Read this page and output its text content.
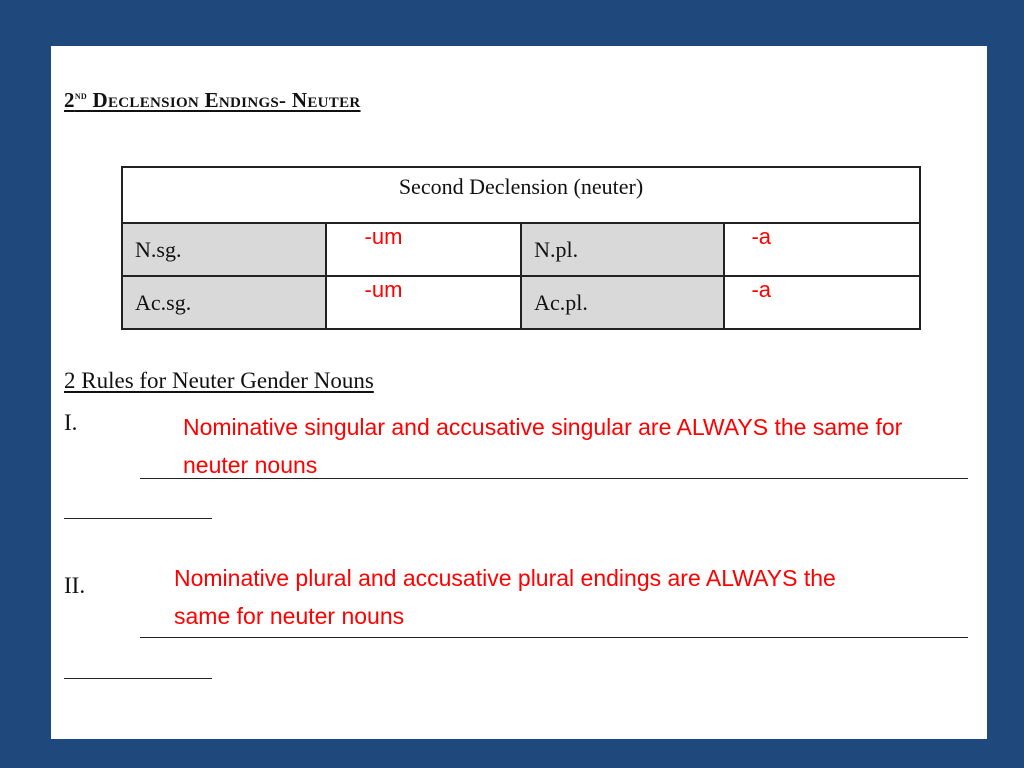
2nd Declension Endings- Neuter
Second Declension (neuter)			
N.sg.	-um	N.pl.	-a

Ac.sg.	-um	Ac.pl.	-a
2 Rules for Neuter Gender Nouns
I.	Nominative singular and accusative singular are ALWAYS the same for neuter nouns
II.	Nominative plural and accusative plural endings are ALWAYS the same for neuter nouns
